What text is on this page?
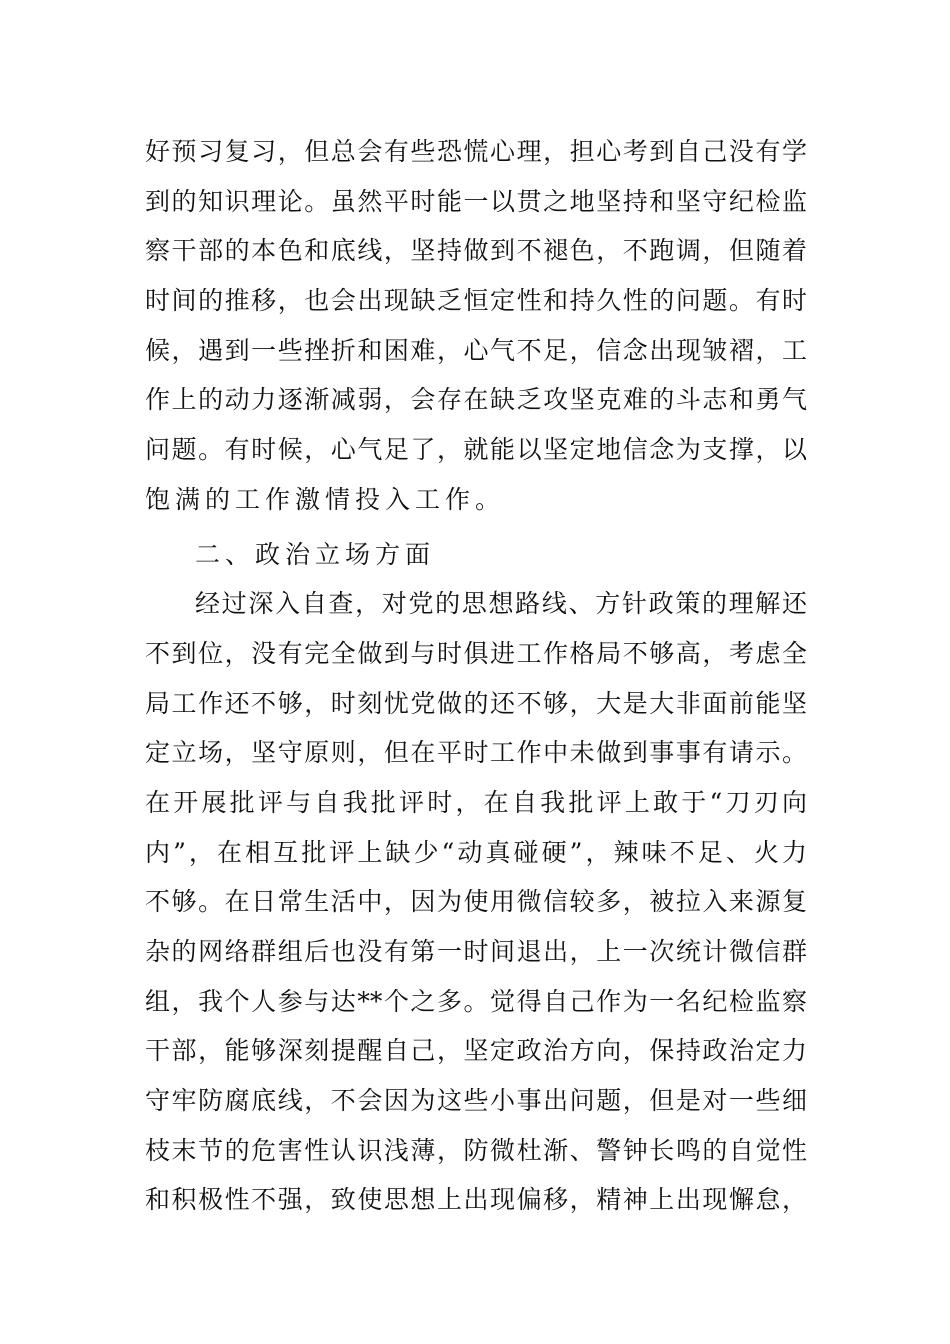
好预习复习，但总会有些恐慌心理，担心考到自己没有学
到的知识理论。虽然平时能一以贯之地坚持和坚守纪检监
察干部的本色和底线，坚持做到不褪色，不跑调，但随着
时间的推移，也会出现缺乏恒定性和持久性的问题。有时
候，遇到一些挫折和困难，心气不足，信念出现皱褶，工
作上的动力逐渐减弱，会存在缺乏攻坚克难的斗志和勇气
问题。有时候，心气足了，就能以坚定地信念为支撑，以
饱满的工作激情投入工作。
二、政治立场方面
经过深入自查，对党的思想路线、方针政策的理解还
不到位，没有完全做到与时俱进工作格局不够高，考虑全
局工作还不够，时刻忧党做的还不够，大是大非面前能坚
定立场，坚守原则，但在平时工作中未做到事事有请示。
在开展批评与自我批评时，在自我批评上敢于“刀刃向
内”，在相互批评上缺少“动真碰硬”，辣味不足、火力
不够。在日常生活中，因为使用微信较多，被拉入来源复
杂的网络群组后也没有第一时间退出，上一次统计微信群
组，我个人参与达**个之多。觉得自己作为一名纪检监察
干部，能够深刻提醒自己，坚定政治方向，保持政治定力
守牢防腐底线，不会因为这些小事出问题，但是对一些细
枝末节的危害性认识浅薄，防微杜渐、警钟长鸣的自觉性
和积极性不强，致使思想上出现偏移，精神上出现懈怠，
